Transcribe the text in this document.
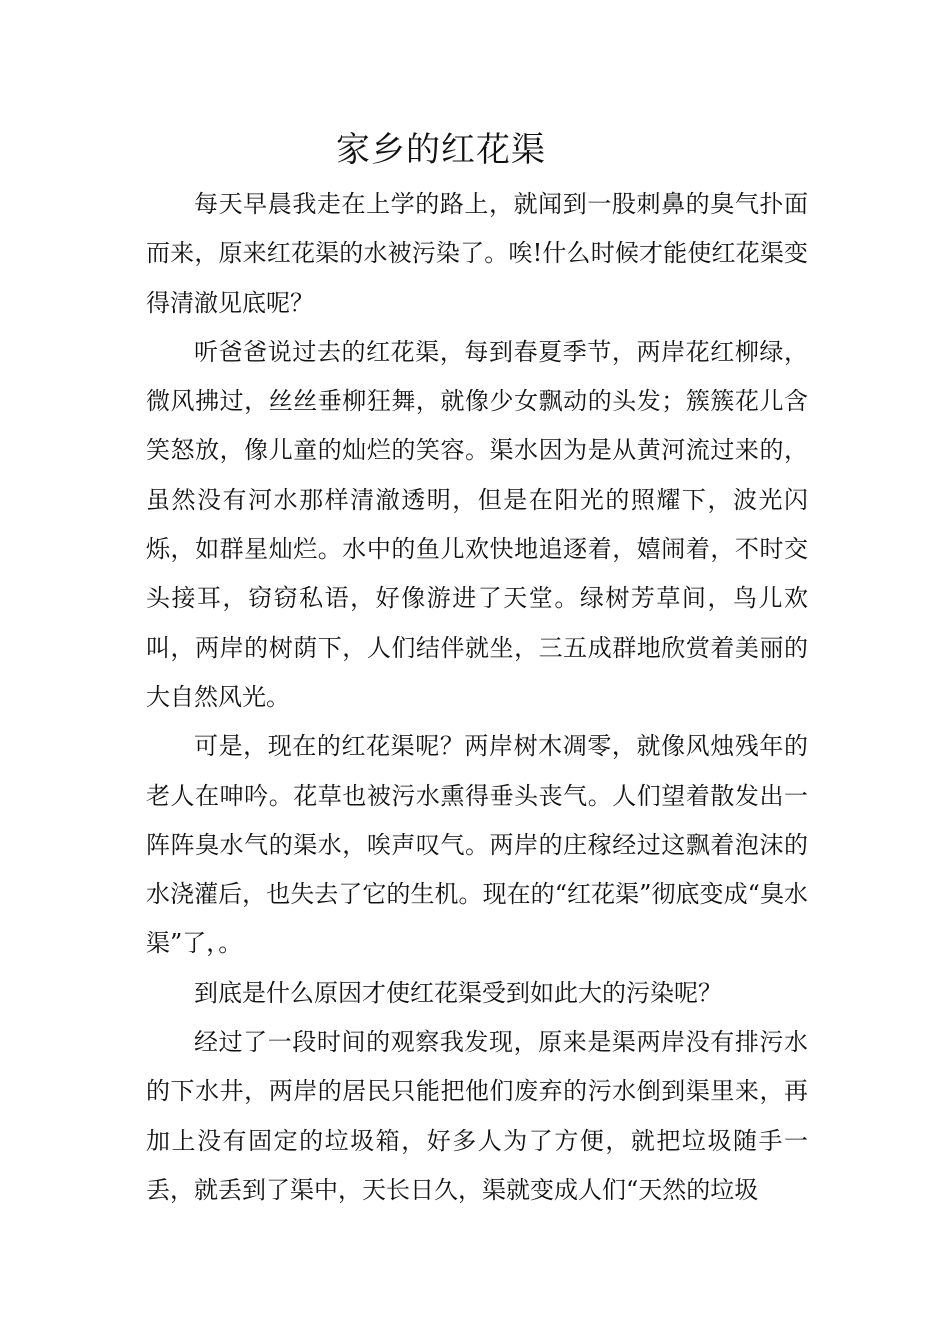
家乡的红花渠

每天早晨我走在上学的路上，就闻到一股刺鼻的臭气扑面而来，原来红花渠的水被污染了。唉!什么时候才能使红花渠变得清澈见底呢？

听爸爸说过去的红花渠，每到春夏季节，两岸花红柳绿，微风拂过，丝丝垂柳狂舞，就像少女飘动的头发；簇簇花儿含笑怒放，像儿童的灿烂的笑容。渠水因为是从黄河流过来的，虽然没有河水那样清澈透明，但是在阳光的照耀下，波光闪烁，如群星灿烂。水中的鱼儿欢快地追逐着，嬉闹着，不时交头接耳，窃窃私语，好像游进了天堂。绿树芳草间，鸟儿欢叫，两岸的树荫下，人们结伴就坐，三五成群地欣赏着美丽的大自然风光。

可是，现在的红花渠呢？两岸树木凋零，就像风烛残年的老人在呻吟。花草也被污水熏得垂头丧气。人们望着散发出一阵阵臭水气的渠水，唉声叹气。两岸的庄稼经过这飘着泡沫的水浇灌后，也失去了它的生机。现在的“红花渠”彻底变成“臭水渠”了，。

到底是什么原因才使红花渠受到如此大的污染呢？

经过了一段时间的观察我发现，原来是渠两岸没有排污水的下水井，两岸的居民只能把他们废弃的污水倒到渠里来，再加上没有固定的垃圾箱，好多人为了方便，就把垃圾随手一丢，就丢到了渠中，天长日久，渠就变成人们“天然的垃圾
